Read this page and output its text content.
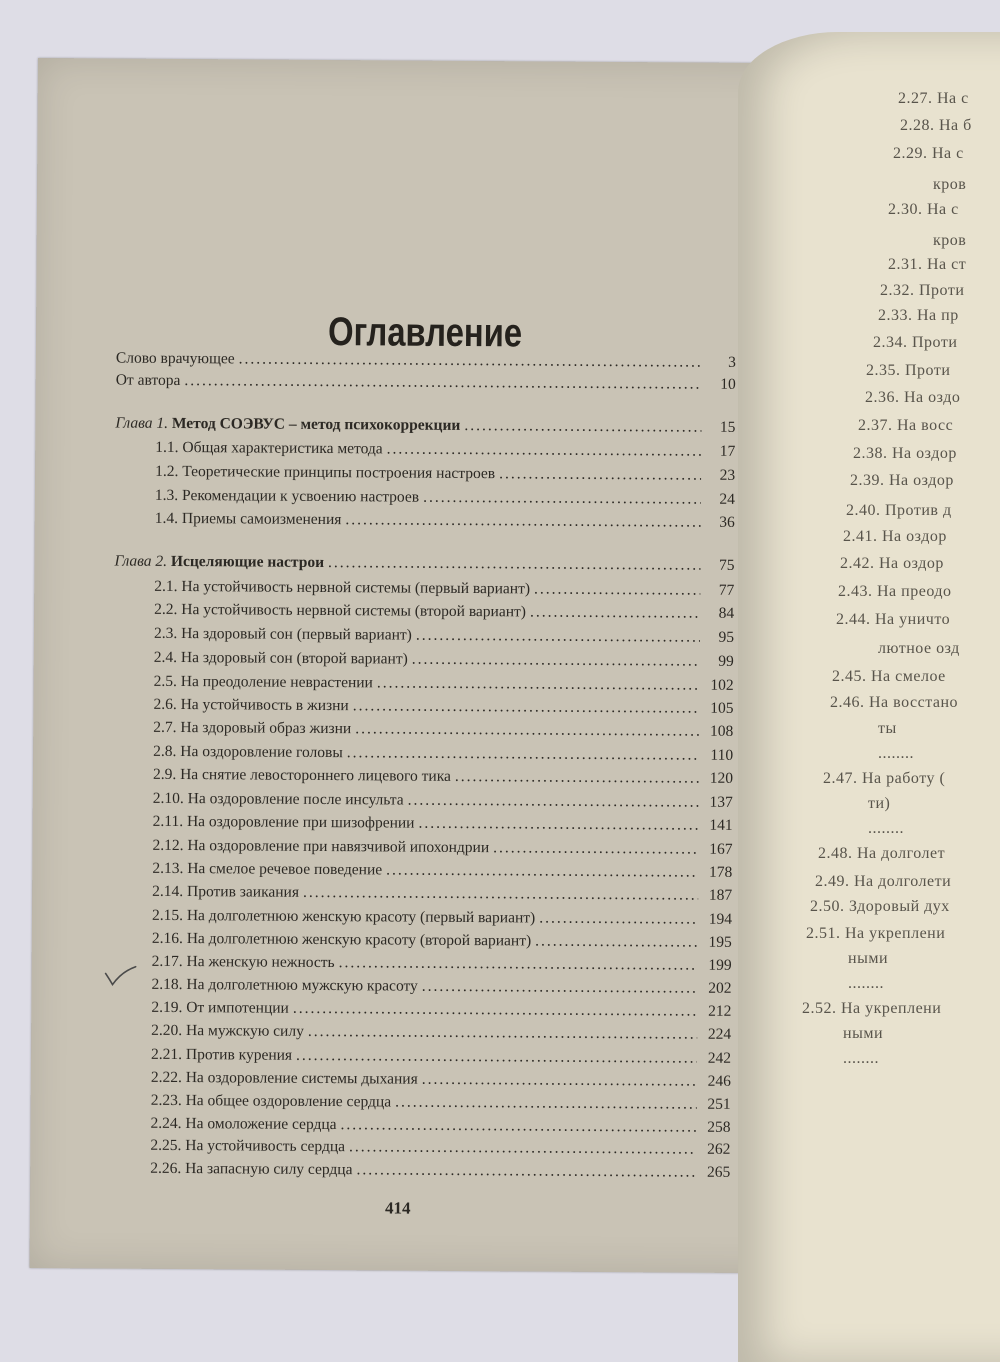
Оглавление
Слово врачующее .....	3
От автора .....	10
Глава 1. Метод СОЭВУС – метод психокоррекции .....	15
1.1. Общая характеристика метода .....	17
1.2. Теоретические принципы построения настроев .....	23
1.3. Рекомендации к усвоению настроев .....	24
1.4. Приемы самоизменения .....	36
Глава 2. Исцеляющие настрои .....	75
2.1. На устойчивость нервной системы (первый вариант) .....	77
2.2. На устойчивость нервной системы (второй вариант) .....	84
2.3. На здоровый сон (первый вариант) .....	95
2.4. На здоровый сон (второй вариант) .....	99
2.5. На преодоление неврастении .....	102
2.6. На устойчивость в жизни .....	105
2.7. На здоровый образ жизни .....	108
2.8. На оздоровление головы .....	110
2.9. На снятие левостороннего лицевого тика .....	120
2.10. На оздоровление после инсульта .....	137
2.11. На оздоровление при шизофрении .....	141
2.12. На оздоровление при навязчивой ипохондрии .....	167
2.13. На смелое речевое поведение .....	178
2.14. Против заикания .....	187
2.15. На долголетнюю женскую красоту (первый вариант) .....	194
2.16. На долголетнюю женскую красоту (второй вариант) .....	195
2.17. На женскую нежность .....	199
2.18. На долголетнюю мужскую красоту .....	202
2.19. От импотенции .....	212
2.20. На мужскую силу .....	224
2.21. Против курения .....	242
2.22. На оздоровление системы дыхания .....	246
2.23. На общее оздоровление сердца .....	251
2.24. На омоложение сердца .....	258
2.25. На устойчивость сердца .....	262
2.26. На запасную силу сердца .....	265
414
2.27. На с
2.28. На б
2.29. На с
кров
2.30. На с
кров
2.31. На ст
2.32. Проти
2.33. На пр
2.34. Проти
2.35. Проти
2.36. На оздо
2.37. На восс
2.38. На оздор
2.39. На оздор
2.40. Против д
2.41. На оздор
2.42. На оздор
2.43. На преодо
2.44. На уничто
лютное озд
2.45. На смелое
2.46. На восстано
ты
........
2.47. На работу (
ти)
........
2.48. На долголет
2.49. На долголети
2.50. Здоровый дух
2.51. На укреплени
ными
........
2.52. На укреплени
ными
........
